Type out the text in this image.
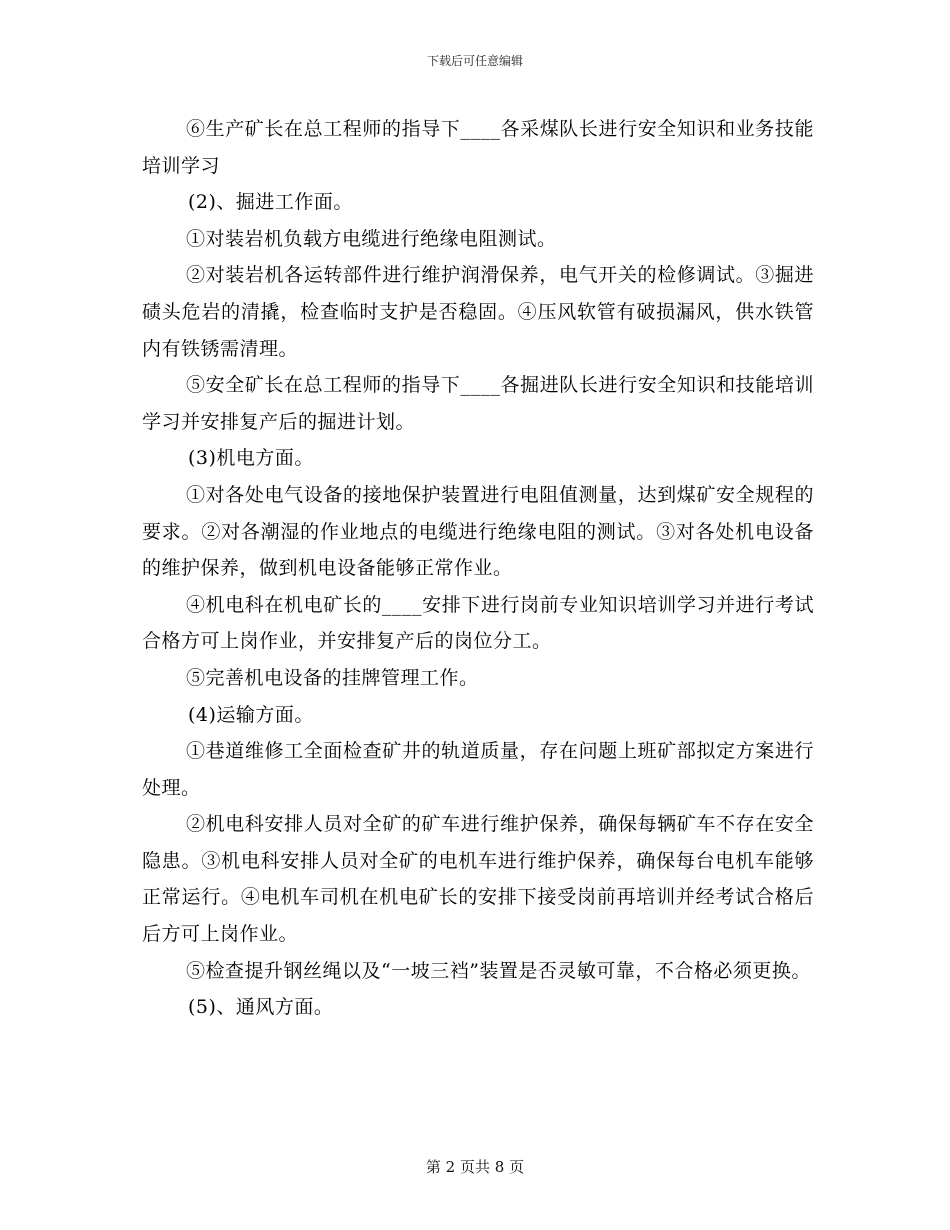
下载后可任意编辑

⑥生产矿长在总工程师的指导下____各采煤队长进行安全知识和业务技能培训学习

(2)、掘进工作面。

①对装岩机负载方电缆进行绝缘电阻测试。

②对装岩机各运转部件进行维护润滑保养，电气开关的检修调试。③掘进碛头危岩的清撬，检查临时支护是否稳固。④压风软管有破损漏风，供水铁管内有铁锈需清理。

⑤安全矿长在总工程师的指导下____各掘进队长进行安全知识和技能培训学习并安排复产后的掘进计划。

(3)机电方面。

①对各处电气设备的接地保护装置进行电阻值测量，达到煤矿安全规程的要求。②对各潮湿的作业地点的电缆进行绝缘电阻的测试。③对各处机电设备的维护保养，做到机电设备能够正常作业。

④机电科在机电矿长的____安排下进行岗前专业知识培训学习并进行考试合格方可上岗作业，并安排复产后的岗位分工。

⑤完善机电设备的挂牌管理工作。

(4)运输方面。

①巷道维修工全面检查矿井的轨道质量，存在问题上班矿部拟定方案进行处理。

②机电科安排人员对全矿的矿车进行维护保养，确保每辆矿车不存在安全隐患。③机电科安排人员对全矿的电机车进行维护保养，确保每台电机车能够正常运行。④电机车司机在机电矿长的安排下接受岗前再培训并经考试合格后后方可上岗作业。

⑤检查提升钢丝绳以及“一坡三裆”装置是否灵敏可靠，不合格必须更换。

(5)、通风方面。

第 2 页共 8 页
